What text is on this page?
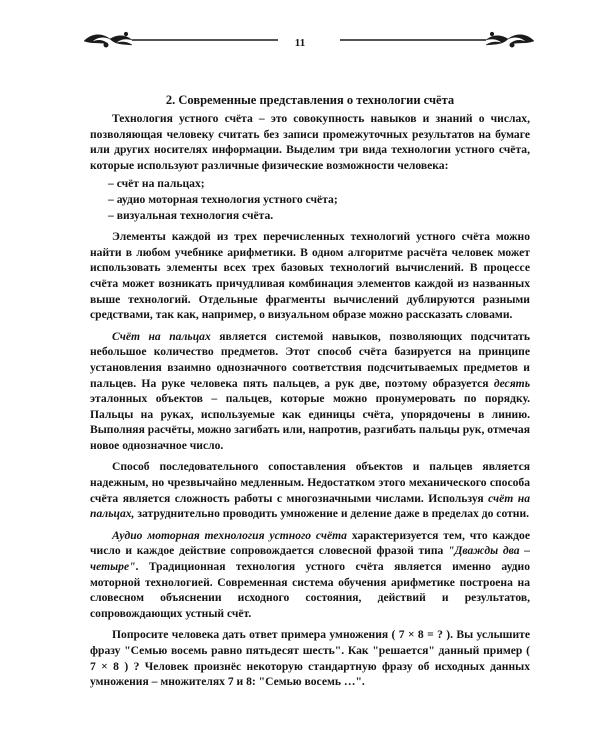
11
2. Современные представления о технологии счёта

Технология устного счёта – это совокупность навыков и знаний о числах, позволяющая человеку считать без записи промежуточных результатов на бумаге или других носителях информации. Выделим три вида технологии устного счёта, которые используют различные физические возможности человека:

– счёт на пальцах;
– аудио моторная технология устного счёта;
– визуальная технология счёта.

Элементы каждой из трех перечисленных технологий устного счёта можно найти в любом учебнике арифметики. В одном алгоритме расчёта человек может использовать элементы всех трех базовых технологий вычислений. В процессе счёта может возникать причудливая комбинация элементов каждой из названных выше технологий. Отдельные фрагменты вычислений дублируются разными средствами, так как, например, о визуальном образе можно рассказать словами.

Счёт на пальцах является системой навыков, позволяющих подсчитать небольшое количество предметов. Этот способ счёта базируется на принципе установления взаимно однозначного соответствия подсчитываемых предметов и пальцев. На руке человека пять пальцев, а рук две, поэтому образуется десять эталонных объектов – пальцев, которые можно пронумеровать по порядку. Пальцы на руках, используемые как единицы счёта, упорядочены в линию. Выполняя расчёты, можно загибать или, напротив, разгибать пальцы рук, отмечая новое однозначное число.

Способ последовательного сопоставления объектов и пальцев является надежным, но чрезвычайно медленным. Недостатком этого механического способа счёта является сложность работы с многозначными числами. Используя счёт на пальцах, затруднительно проводить умножение и деление даже в пределах до сотни.

Аудио моторная технология устного счёта характеризуется тем, что каждое число и каждое действие сопровождается словесной фразой типа "Дважды два – четыре". Традиционная технология устного счёта является именно аудио моторной технологией. Современная система обучения арифметике построена на словесном объяснении исходного состояния, действий и результатов, сопровождающих устный счёт.

Попросите человека дать ответ примера умножения ( 7 × 8 = ? ). Вы услышите фразу "Семью восемь равно пятьдесят шесть". Как "решается" данный пример ( 7 × 8 ) ? Человек произнёс некоторую стандартную фразу об исходных данных умножения – множителях 7 и 8: "Семью восемь …".
